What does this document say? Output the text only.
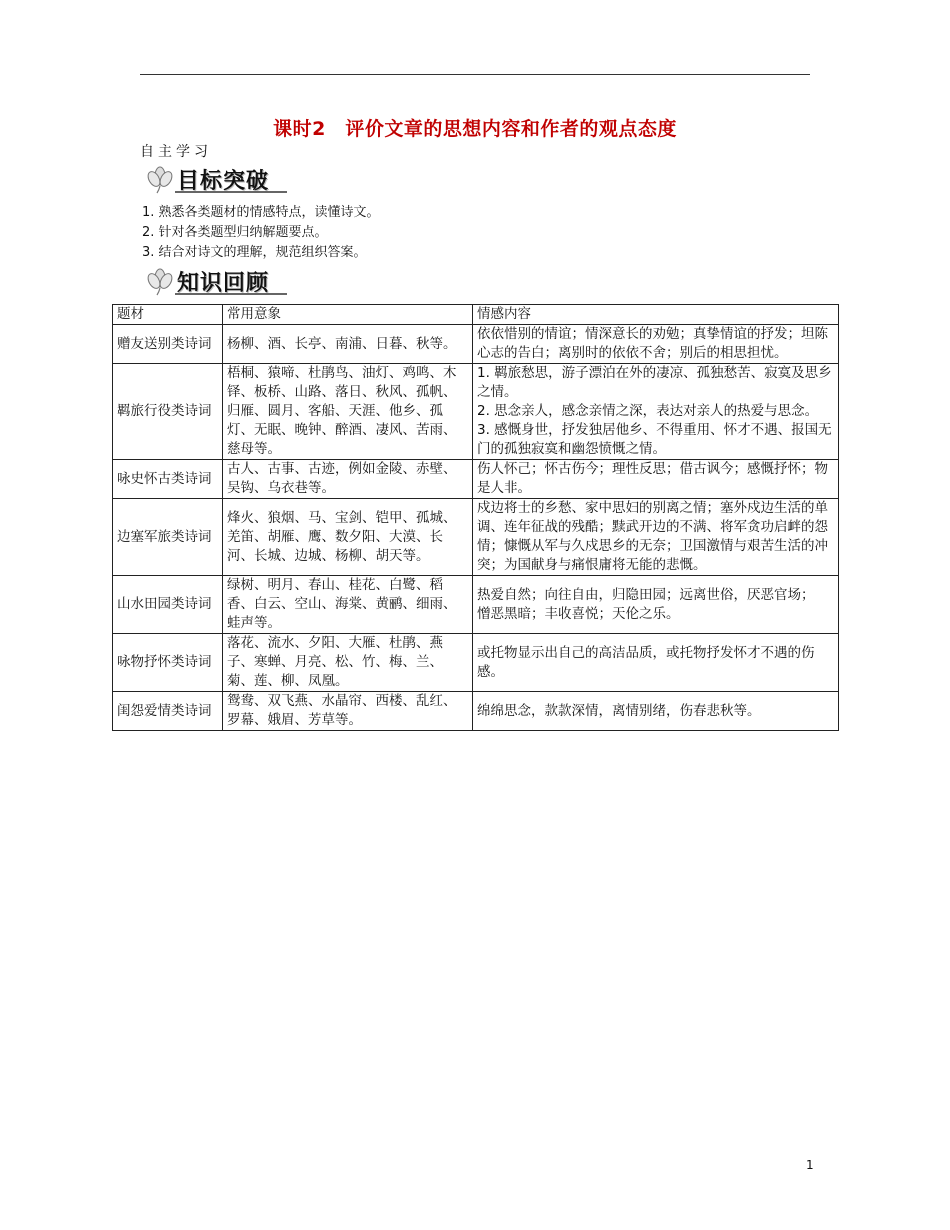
课时2　评价文章的思想内容和作者的观点态度
自主学习
目标突破
1. 熟悉各类题材的情感特点，读懂诗文。
2. 针对各类题型归纳解题要点。
3. 结合对诗文的理解，规范组织答案。
知识回顾
题材	常用意象	情感内容
赠友送别类诗词	杨柳、酒、长亭、南浦、日暮、秋等。	依依惜别的情谊；情深意长的劝勉；真挚情谊的抒发；坦陈心志的告白；离别时的依依不舍；别后的相思担忧。

羁旅行役类诗词	梧桐、猿啼、杜鹃鸟、油灯、鸡鸣、木铎、板桥、山路、落日、秋风、孤帆、归雁、圆月、客船、天涯、他乡、孤灯、无眠、晚钟、醉酒、凄风、苦雨、慈母等。	1. 羁旅愁思，游子漂泊在外的凄凉、孤独愁苦、寂寞及思乡之情。
2. 思念亲人，感念亲情之深，表达对亲人的热爱与思念。
3. 感慨身世，抒发独居他乡、不得重用、怀才不遇、报国无门的孤独寂寞和幽怨愤慨之情。

咏史怀古类诗词	古人、古事、古迹，例如金陵、赤壁、吴钩、乌衣巷等。	伤人怀己；怀古伤今；理性反思；借古讽今；感慨抒怀；物是人非。

边塞军旅类诗词	烽火、狼烟、马、宝剑、铠甲、孤城、羌笛、胡雁、鹰、数夕阳、大漠、长河、长城、边城、杨柳、胡天等。	戍边将士的乡愁、家中思妇的别离之情；塞外戍边生活的单调、连年征战的残酷；黩武开边的不满、将军贪功启衅的怨情；慷慨从军与久戍思乡的无奈；卫国激情与艰苦生活的冲突；为国献身与痛恨庸将无能的悲慨。

山水田园类诗词	绿树、明月、春山、桂花、白鹭、稻香、白云、空山、海棠、黄鹂、细雨、蛙声等。	热爱自然；向往自由，归隐田园；远离世俗，厌恶官场；　憎恶黑暗；丰收喜悦；天伦之乐。

咏物抒怀类诗词	落花、流水、夕阳、大雁、杜鹃、燕子、寒蝉、月亮、松、竹、梅、兰、菊、莲、柳、凤凰。	或托物显示出自己的高洁品质，或托物抒发怀才不遇的伤感。

闺怨爱情类诗词	鸳鸯、双飞燕、水晶帘、西楼、乱红、罗幕、娥眉、芳草等。	绵绵思念，款款深情，离情别绪，伤春悲秋等。
1
